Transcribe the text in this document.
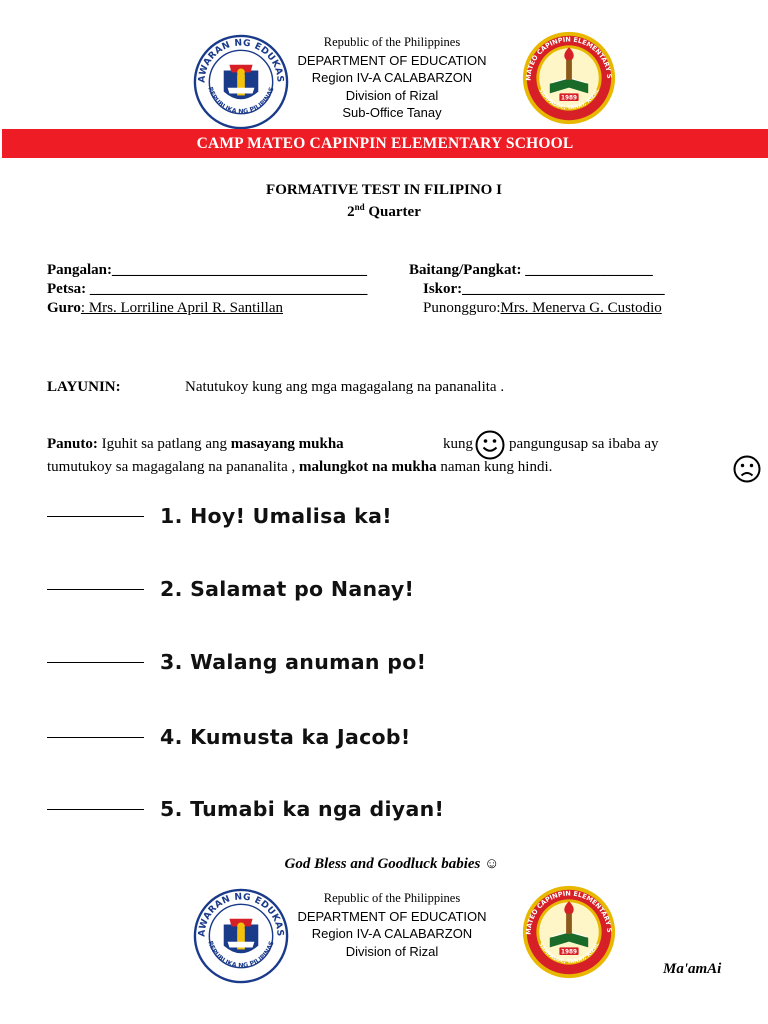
Republic of the Philippines

DEPARTMENT OF EDUCATION
Region IV-A CALABARZON
Division of Rizal
Sub-Office Tanay
CAMP MATEO CAPINPIN ELEMENTARY SCHOOL
FORMATIVE TEST IN FILIPINO I
2nd Quarter
Pangalan:__________________________________	Baitang/Pangkat: _________________
Petsa: _____________________________________	Iskor:___________________________
Guro: Mrs. Lorriline April R. Santillan	Punongguro:Mrs. Menerva G. Custodio
LAYUNIN:	Natutukoy kung ang mga magagalang na pananalita .
Panuto: Iguhit sa patlang ang masayang mukha	kung pangungusap sa ibaba ay
tumutukoy sa magagalang na pananalita , malungkot na mukha naman kung hindi.
1. Hoy! Umalisa ka!
2. Salamat po Nanay!
3. Walang anuman po!
4. Kumusta ka Jacob!
5. Tumabi ka nga diyan!
God Bless and Goodluck babies ☺
Republic of the Philippines

DEPARTMENT OF EDUCATION
Region IV-A CALABARZON
Division of Rizal
Ma'amAi
